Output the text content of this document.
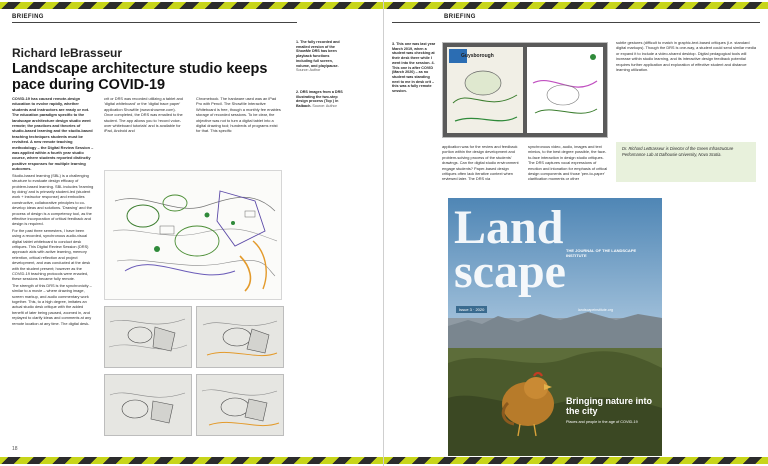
BRIEFING
Richard leBrasseur
Landscape architecture studio keeps pace during COVID-19
1. The fully recorded and emailed version of the ShowMe DRS has been playback functions including full screen, volume, and play/pause. Source: Author
2. DRS images from a DRS illustrating the two-step design process (Top ) in Balbach. Source: Author

COVID-19 has caused remote-design education to evolve rapidly, whether students and instructors are ready or not. The education paradigm specific to the landscape architecture design studio went remote; the practices and theories of studio-based learning and the studio-based teaching techniques students must be revisited. A new remote teaching methodology – the Digital Review Session – was applied within a fourth year studio course, where students reported distinctly positive responses for multiple learning outcomes.

Studio-based learning (SBL) is a challenging structure to evaluate design efficacy of problem-based learning. SBL includes 'learning by doing' and is primarily student-led (student work + instructor response) and embodies constructive, collaborative principles to co-develop ideas and solutions. 'Drawing' and the process of design is a competency tool, as the effective incorporation of critical feedback and design is required.

For the past three semesters, I have been using a recorded, synchronous audio-visual digital tablet whiteboard to conduct desk critiques. This Digital Review Session (DRS) approach aids with active learning, memory retention, critical reflection and project development, and was conducted at the desk with the student present; however as the COVID-19 teaching protocols were enacted, these sessions became fully remote.

The strength of this DRS is the synchronicity – similar to a movie – where drawing image, screen markup, and audio commentary work together. This, to a high degree, imitates an actual studio desk critique with the added benefit of later being paused, zoomed in, and replayed to clarify ideas and comments at any remote location at any time. The digital desk-

crit or DRS was recorded utilizing a tablet and 'digital whiteboard' or the 'digital trace paper' application ShowMe (www.showme.com). Once completed, the DRS was emailed to the student. The app allows you to 'record voice-over whiteboard tutorials' and is available for iPad, Android and

Chromebook. The hardware used was an iPad Pro with Pencil. The ShowMe Interactive Whiteboard is free, though a monthly fee enables storage of recorded sessions. To be clear, the objective was not to turn a digital tablet into a digital drawing tool; hundreds of programs exist for that. This specific

18
BRIEFING
3. This one was last year March 2019, when a student was checking at their desk there while I went into the session. 4. This one is after COVID (March 2020) – as no student was standing next to me in desk crit – this was a fully remote session.
Guysborough
application was for the review and feedback portion within the design development and problem-solving process of the students' drawings. Can the digital studio environment engage students? Paper-based design critiques often lack iterative context when reviewed later. The DRS via
synchronous video, audio, images and text mimics, to the best degree possible, the face-to-face interaction in design studio critiques. The DRS captures vocal expressions of emotion and intonation for emphasis of critical design components and those 'pen-to-paper' clarification moments or other
subtle gestures (difficult to match in graphic-text-based critiques (i.e. standard digital markups). Though the DRS is one-way, a student could send similar media or expand it to include a video-shared desktop. Digital pedagogical tools will increase within studio learning, and its interactive design feedback potential requires further application and exploration of effective student and distance learning utilization.
Dr. Richard LeBrasseur is Director of the Green Infrastructure Performance Lab at Dalhousie University, Nova Scotia.
Land
scape THE JOURNAL OF THE LANDSCAPE INSTITUTE
Issue 3 · 2020	landscapeinstitute.org
Bringing nature into the city
Places and people in the age of COVID-19
